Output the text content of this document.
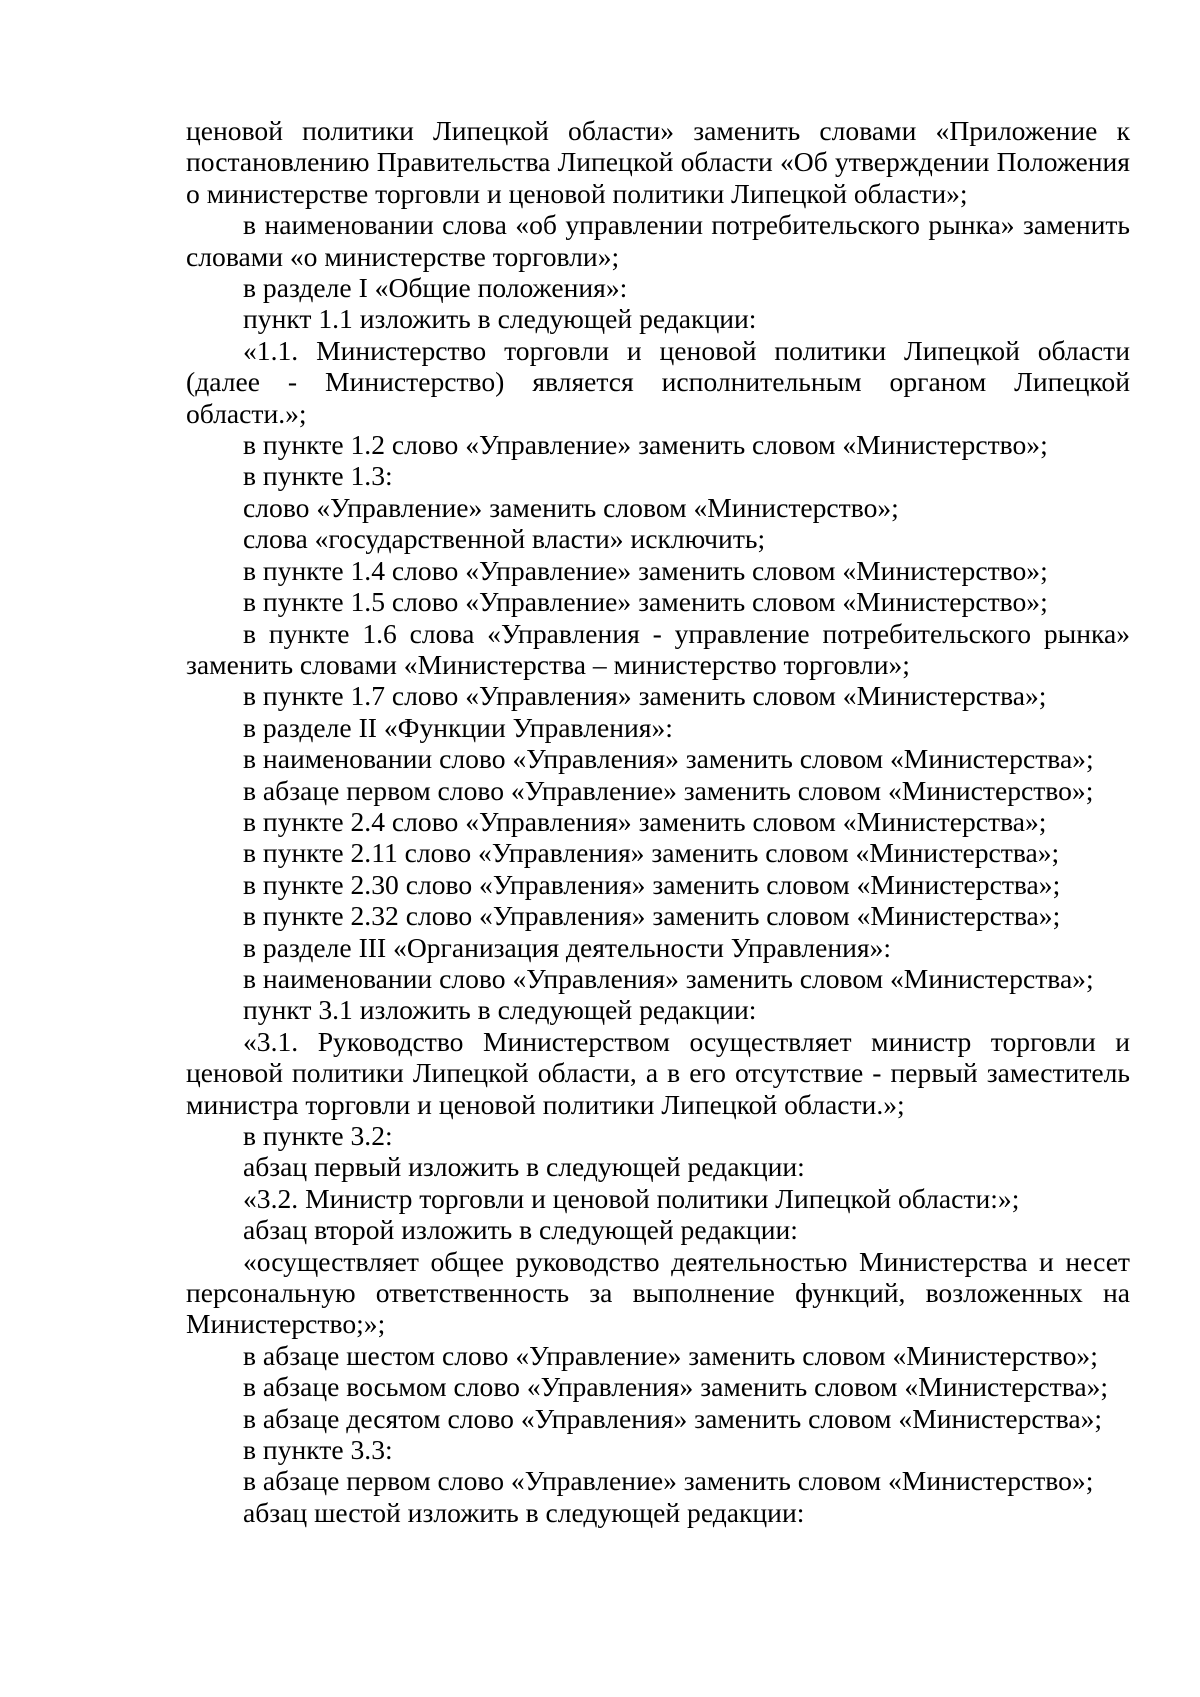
ценовой политики Липецкой области» заменить словами «Приложение к постановлению Правительства Липецкой области «Об утверждении Положения о министерстве торговли и ценовой политики Липецкой области»;

в наименовании слова «об управлении потребительского рынка» заменить словами «о министерстве торговли»;

в разделе I «Общие положения»:

пункт 1.1 изложить в следующей редакции:

«1.1. Министерство торговли и ценовой политики Липецкой области (далее - Министерство) является исполнительным органом Липецкой области.»;

в пункте 1.2 слово «Управление» заменить словом «Министерство»;

в пункте 1.3:

слово «Управление» заменить словом «Министерство»;

слова «государственной власти» исключить;

в пункте 1.4 слово «Управление» заменить словом «Министерство»;

в пункте 1.5 слово «Управление» заменить словом «Министерство»;

в пункте 1.6 слова «Управления - управление потребительского рынка» заменить словами «Министерства – министерство торговли»;

в пункте 1.7 слово «Управления» заменить словом «Министерства»;

в разделе II «Функции Управления»:

в наименовании слово «Управления» заменить словом «Министерства»;

в абзаце первом слово «Управление» заменить словом «Министерство»;

в пункте 2.4 слово «Управления» заменить словом «Министерства»;

в пункте 2.11 слово «Управления» заменить словом «Министерства»;

в пункте 2.30 слово «Управления» заменить словом «Министерства»;

в пункте 2.32 слово «Управления» заменить словом «Министерства»;

в разделе III «Организация деятельности Управления»:

в наименовании слово «Управления» заменить словом «Министерства»;

пункт 3.1 изложить в следующей редакции:

«3.1. Руководство Министерством осуществляет министр торговли и ценовой политики Липецкой области, а в его отсутствие - первый заместитель министра торговли и ценовой политики Липецкой области.»;

в пункте 3.2:

абзац первый изложить в следующей редакции:

«3.2. Министр торговли и ценовой политики Липецкой области:»;

абзац второй изложить в следующей редакции:

«осуществляет общее руководство деятельностью Министерства и несет персональную ответственность за выполнение функций, возложенных на Министерство;»;

в абзаце шестом слово «Управление» заменить словом «Министерство»;

в абзаце восьмом слово «Управления» заменить словом «Министерства»;

в абзаце десятом слово «Управления» заменить словом «Министерства»;

в пункте 3.3:

в абзаце первом слово «Управление» заменить словом «Министерство»;

абзац шестой изложить в следующей редакции:
